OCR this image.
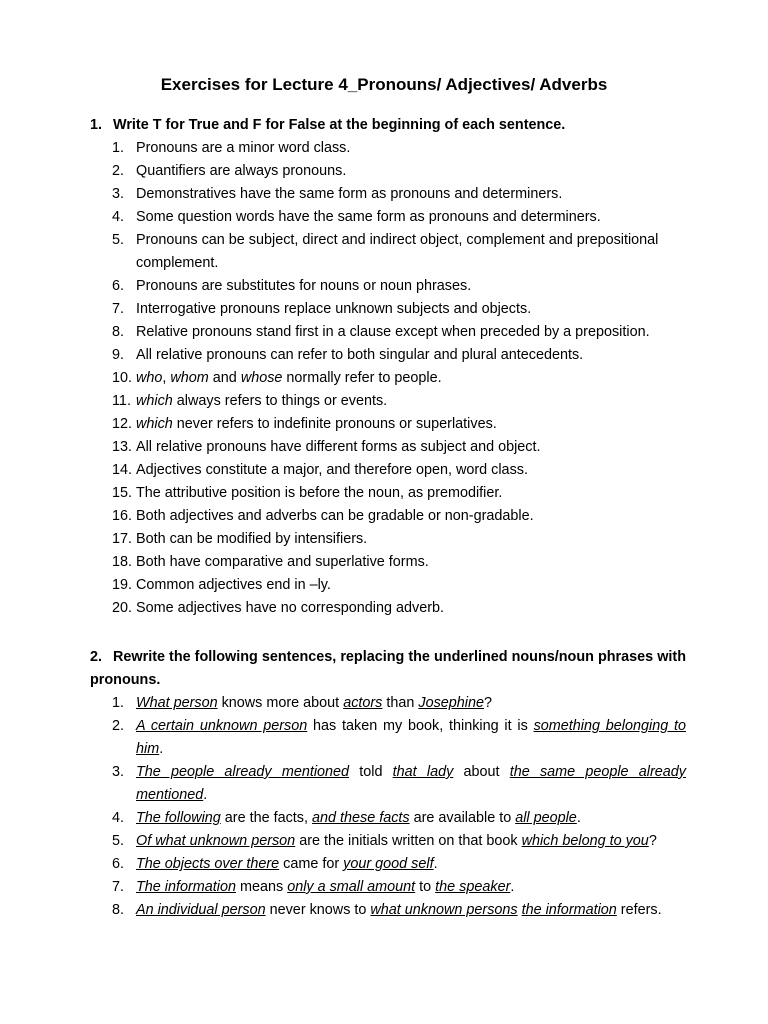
Exercises for Lecture 4_Pronouns/ Adjectives/ Adverbs
1. Write T for True and F for False at the beginning of each sentence.
1. Pronouns are a minor word class.
2. Quantifiers are always pronouns.
3. Demonstratives have the same form as pronouns and determiners.
4. Some question words have the same form as pronouns and determiners.
5. Pronouns can be subject, direct and indirect object, complement and prepositional complement.
6. Pronouns are substitutes for nouns or noun phrases.
7. Interrogative pronouns replace unknown subjects and objects.
8. Relative pronouns stand first in a clause except when preceded by a preposition.
9. All relative pronouns can refer to both singular and plural antecedents.
10. who, whom and whose normally refer to people.
11. which always refers to things or events.
12. which never refers to indefinite pronouns or superlatives.
13. All relative pronouns have different forms as subject and object.
14. Adjectives constitute a major, and therefore open, word class.
15. The attributive position is before the noun, as premodifier.
16. Both adjectives and adverbs can be gradable or non-gradable.
17. Both can be modified by intensifiers.
18. Both have comparative and superlative forms.
19. Common adjectives end in –ly.
20. Some adjectives have no corresponding adverb.
2. Rewrite the following sentences, replacing the underlined nouns/noun phrases with pronouns.
1. What person knows more about actors than Josephine?
2. A certain unknown person has taken my book, thinking it is something belonging to him.
3. The people already mentioned told that lady about the same people already mentioned.
4. The following are the facts, and these facts are available to all people.
5. Of what unknown person are the initials written on that book which belong to you?
6. The objects over there came for your good self.
7. The information means only a small amount to the speaker.
8. An individual person never knows to what unknown persons the information refers.
